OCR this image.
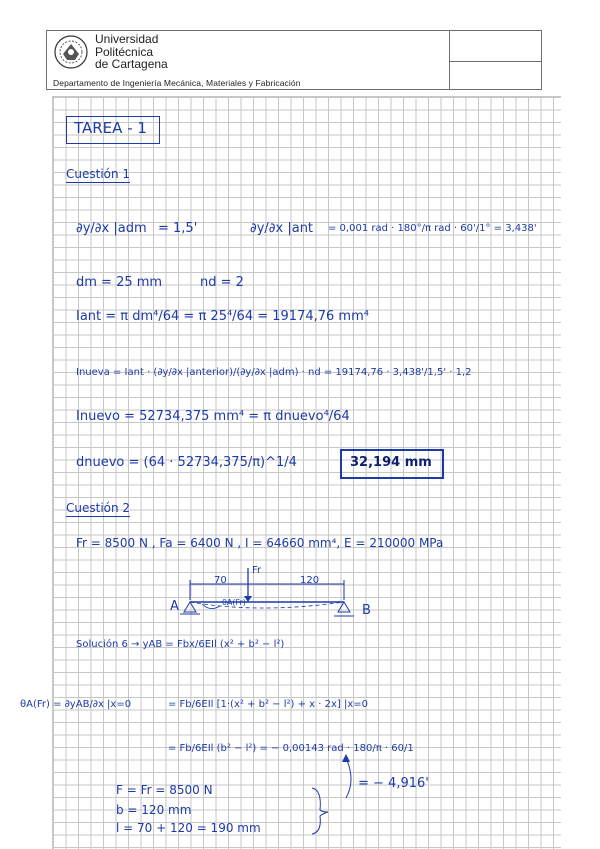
Universidad
Politécnica
de Cartagena
Departamento de Ingeniería Mecánica, Materiales y Fabricación
TAREA - 1
Cuestión 1
∂y/∂x |adm = 1,5'	∂y/∂x |ant = 0,001 rad · 180°/π rad · 60'/1° = 3,438'
dm = 25 mm	nd = 2
Iant = π dm⁴/64 = π 25⁴/64 = 19174,76 mm⁴
Inueva = Iant · (∂y/∂x |anterior)/(∂y/∂x |adm) · nd = 19174,76 · 3,438'/1,5' · 1,2
Inuevo = 52734,375 mm⁴ = π dnuevo⁴/64
dnuevo = (64 · 52734,375/π)^1/4	32,194 mm
Cuestión 2
Fr = 8500 N , Fa = 6400 N , I = 64660 mm⁴, E = 210000 MPa
70	120
Fr
A	B
θA(Fr)
Solución 6 → yAB = Fbx/6EIl (x² + b² − l²)
θA(Fr) = ∂yAB/∂x |x=0	= Fb/6EIl [1·(x² + b² − l²) + x · 2x] |x=0
= Fb/6EIl (b² − l²) = − 0,00143 rad · 180/π · 60/1
= − 4,916'
F = Fr = 8500 N
b = 120 mm
l = 70 + 120 = 190 mm
